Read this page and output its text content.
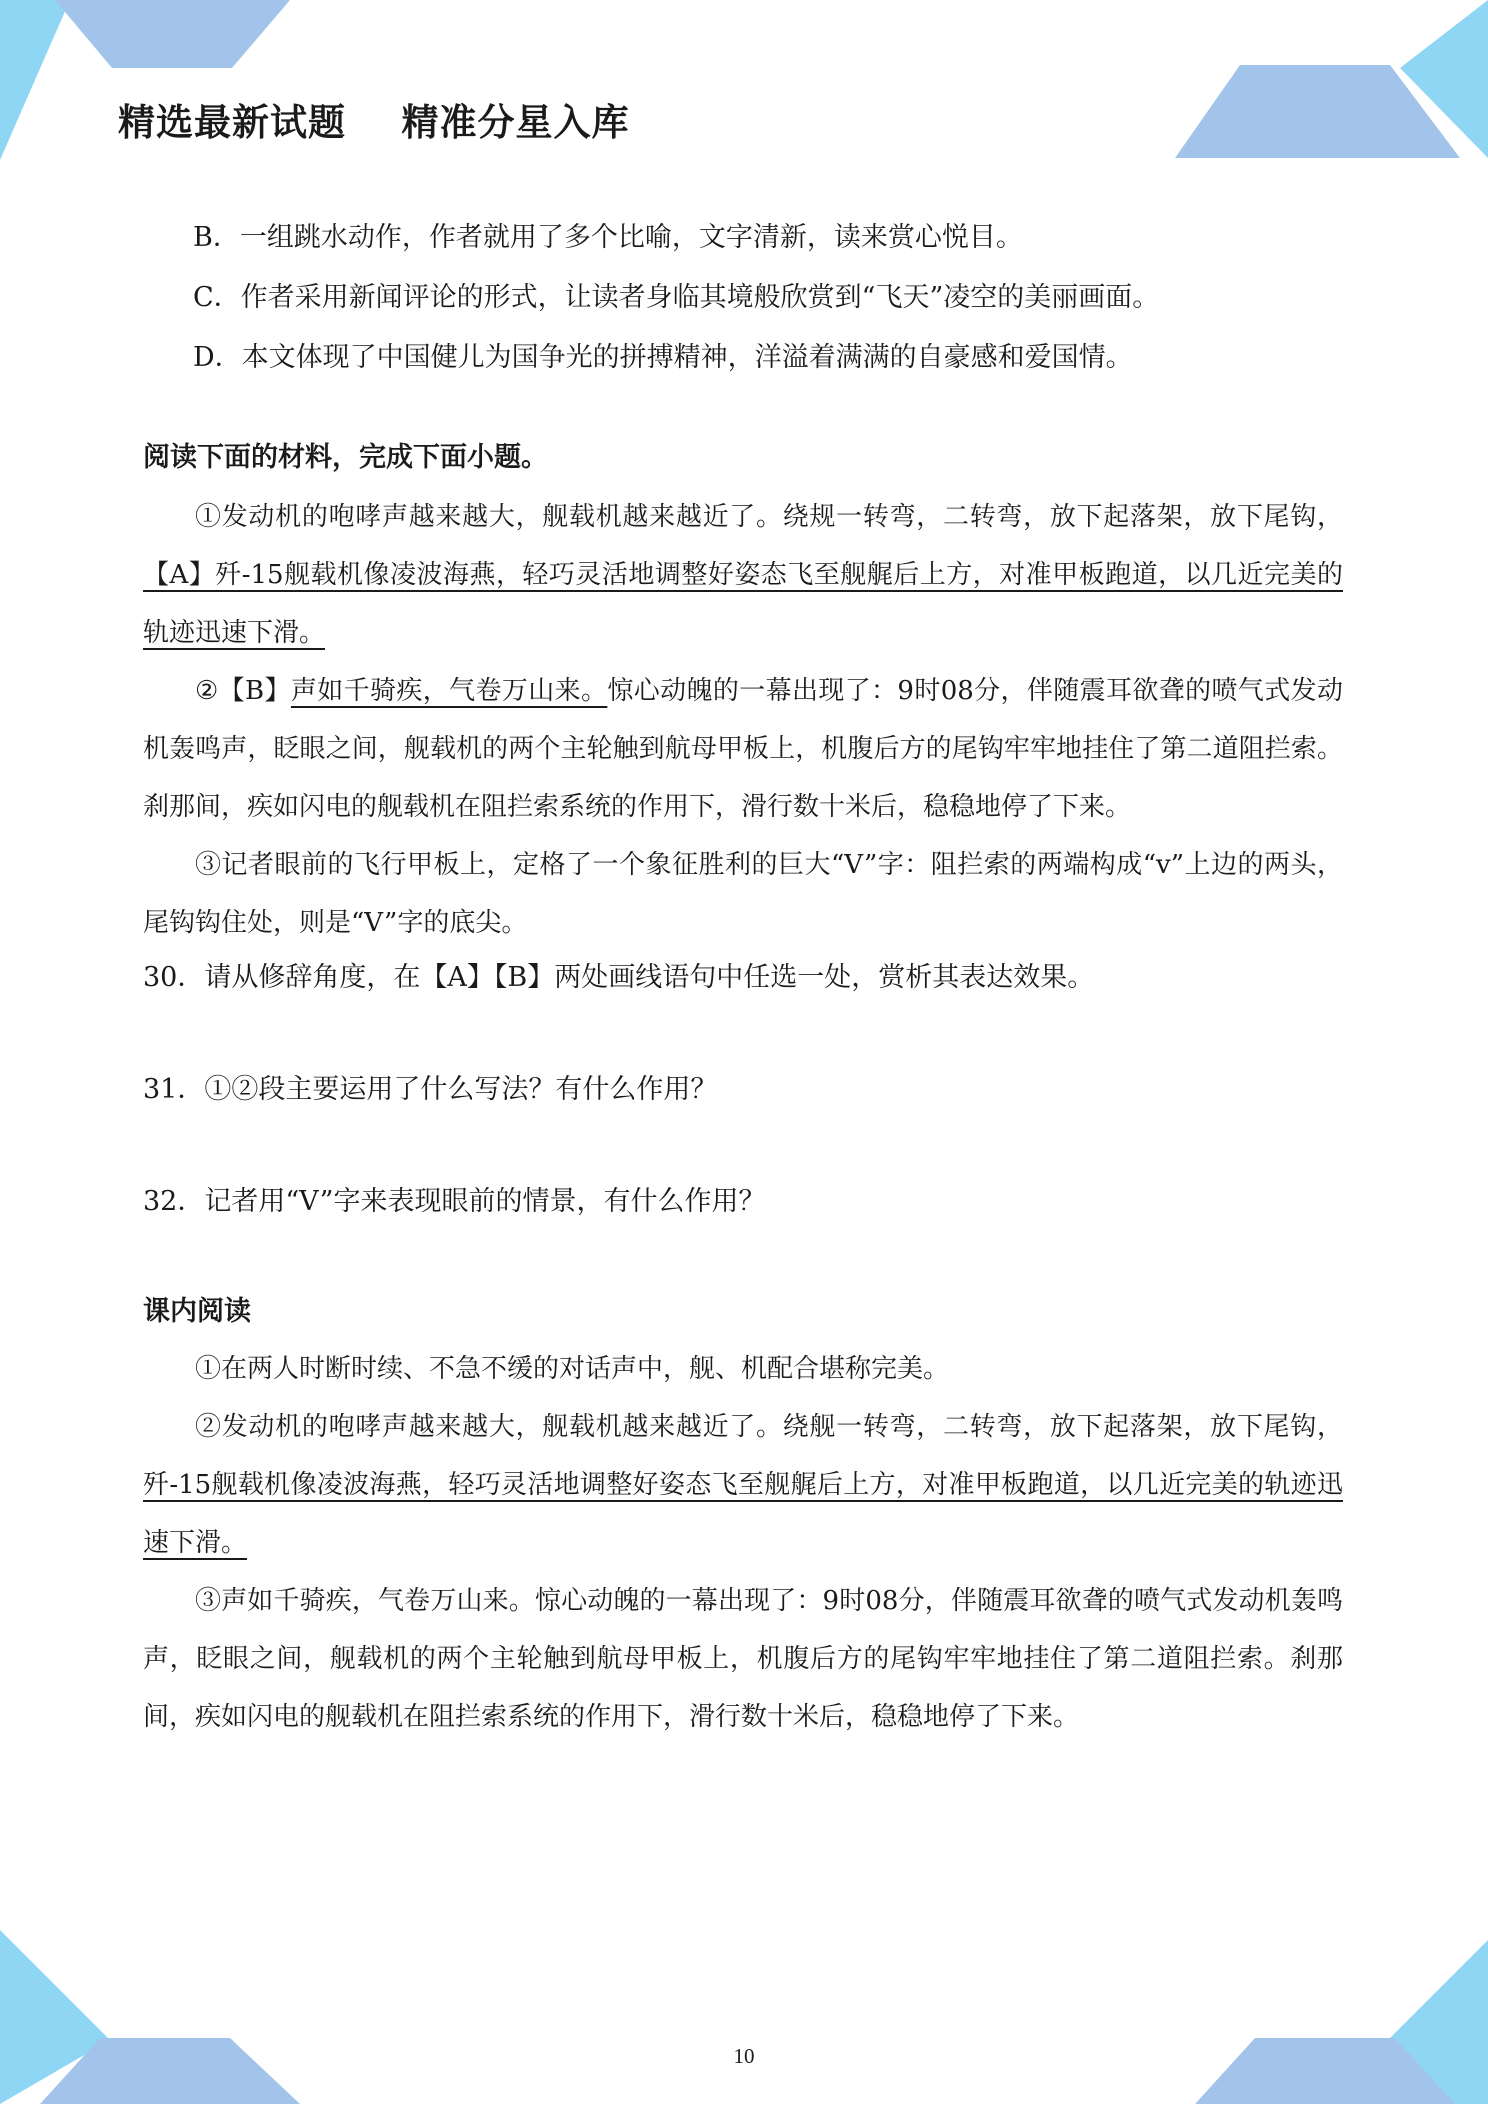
精选最新试题    精准分星入库

B．一组跳水动作，作者就用了多个比喻，文字清新，读来赏心悦目。

C．作者采用新闻评论的形式，让读者身临其境般欣赏到“飞天”凌空的美丽画面。

D．本文体现了中国健儿为国争光的拼搏精神，洋溢着满满的自豪感和爱国情。

阅读下面的材料，完成下面小题。

①发动机的咆哮声越来越大，舰载机越来越近了。绕规一转弯，二转弯，放下起落架，放下尾钩，【A】歼-15舰载机像凌波海燕，轻巧灵活地调整好姿态飞至舰艉后上方，对准甲板跑道，以几近完美的轨迹迅速下滑。

②【B】声如千骑疾，气卷万山来。惊心动魄的一幕出现了：9时08分，伴随震耳欲聋的喷气式发动机轰鸣声，眨眼之间，舰载机的两个主轮触到航母甲板上，机腹后方的尾钩牢牢地挂住了第二道阻拦索。刹那间，疾如闪电的舰载机在阻拦索系统的作用下，滑行数十米后，稳稳地停了下来。

③记者眼前的飞行甲板上，定格了一个象征胜利的巨大“V”字：阻拦索的两端构成“v”上边的两头，尾钩钩住处，则是“V”字的底尖。

30．请从修辞角度，在【A】【B】两处画线语句中任选一处，赏析其表达效果。

31．①②段主要运用了什么写法？有什么作用？

32．记者用“V”字来表现眼前的情景，有什么作用？

课内阅读

①在两人时断时续、不急不缓的对话声中，舰、机配合堪称完美。

②发动机的咆哮声越来越大，舰载机越来越近了。绕舰一转弯，二转弯，放下起落架，放下尾钩，歼-15舰载机像凌波海燕，轻巧灵活地调整好姿态飞至舰艉后上方，对准甲板跑道，以几近完美的轨迹迅速下滑。

③声如千骑疾，气卷万山来。惊心动魄的一幕出现了：9时08分，伴随震耳欲聋的喷气式发动机轰鸣声，眨眼之间，舰载机的两个主轮触到航母甲板上，机腹后方的尾钩牢牢地挂住了第二道阻拦索。刹那间，疾如闪电的舰载机在阻拦索系统的作用下，滑行数十米后，稳稳地停了下来。

10
